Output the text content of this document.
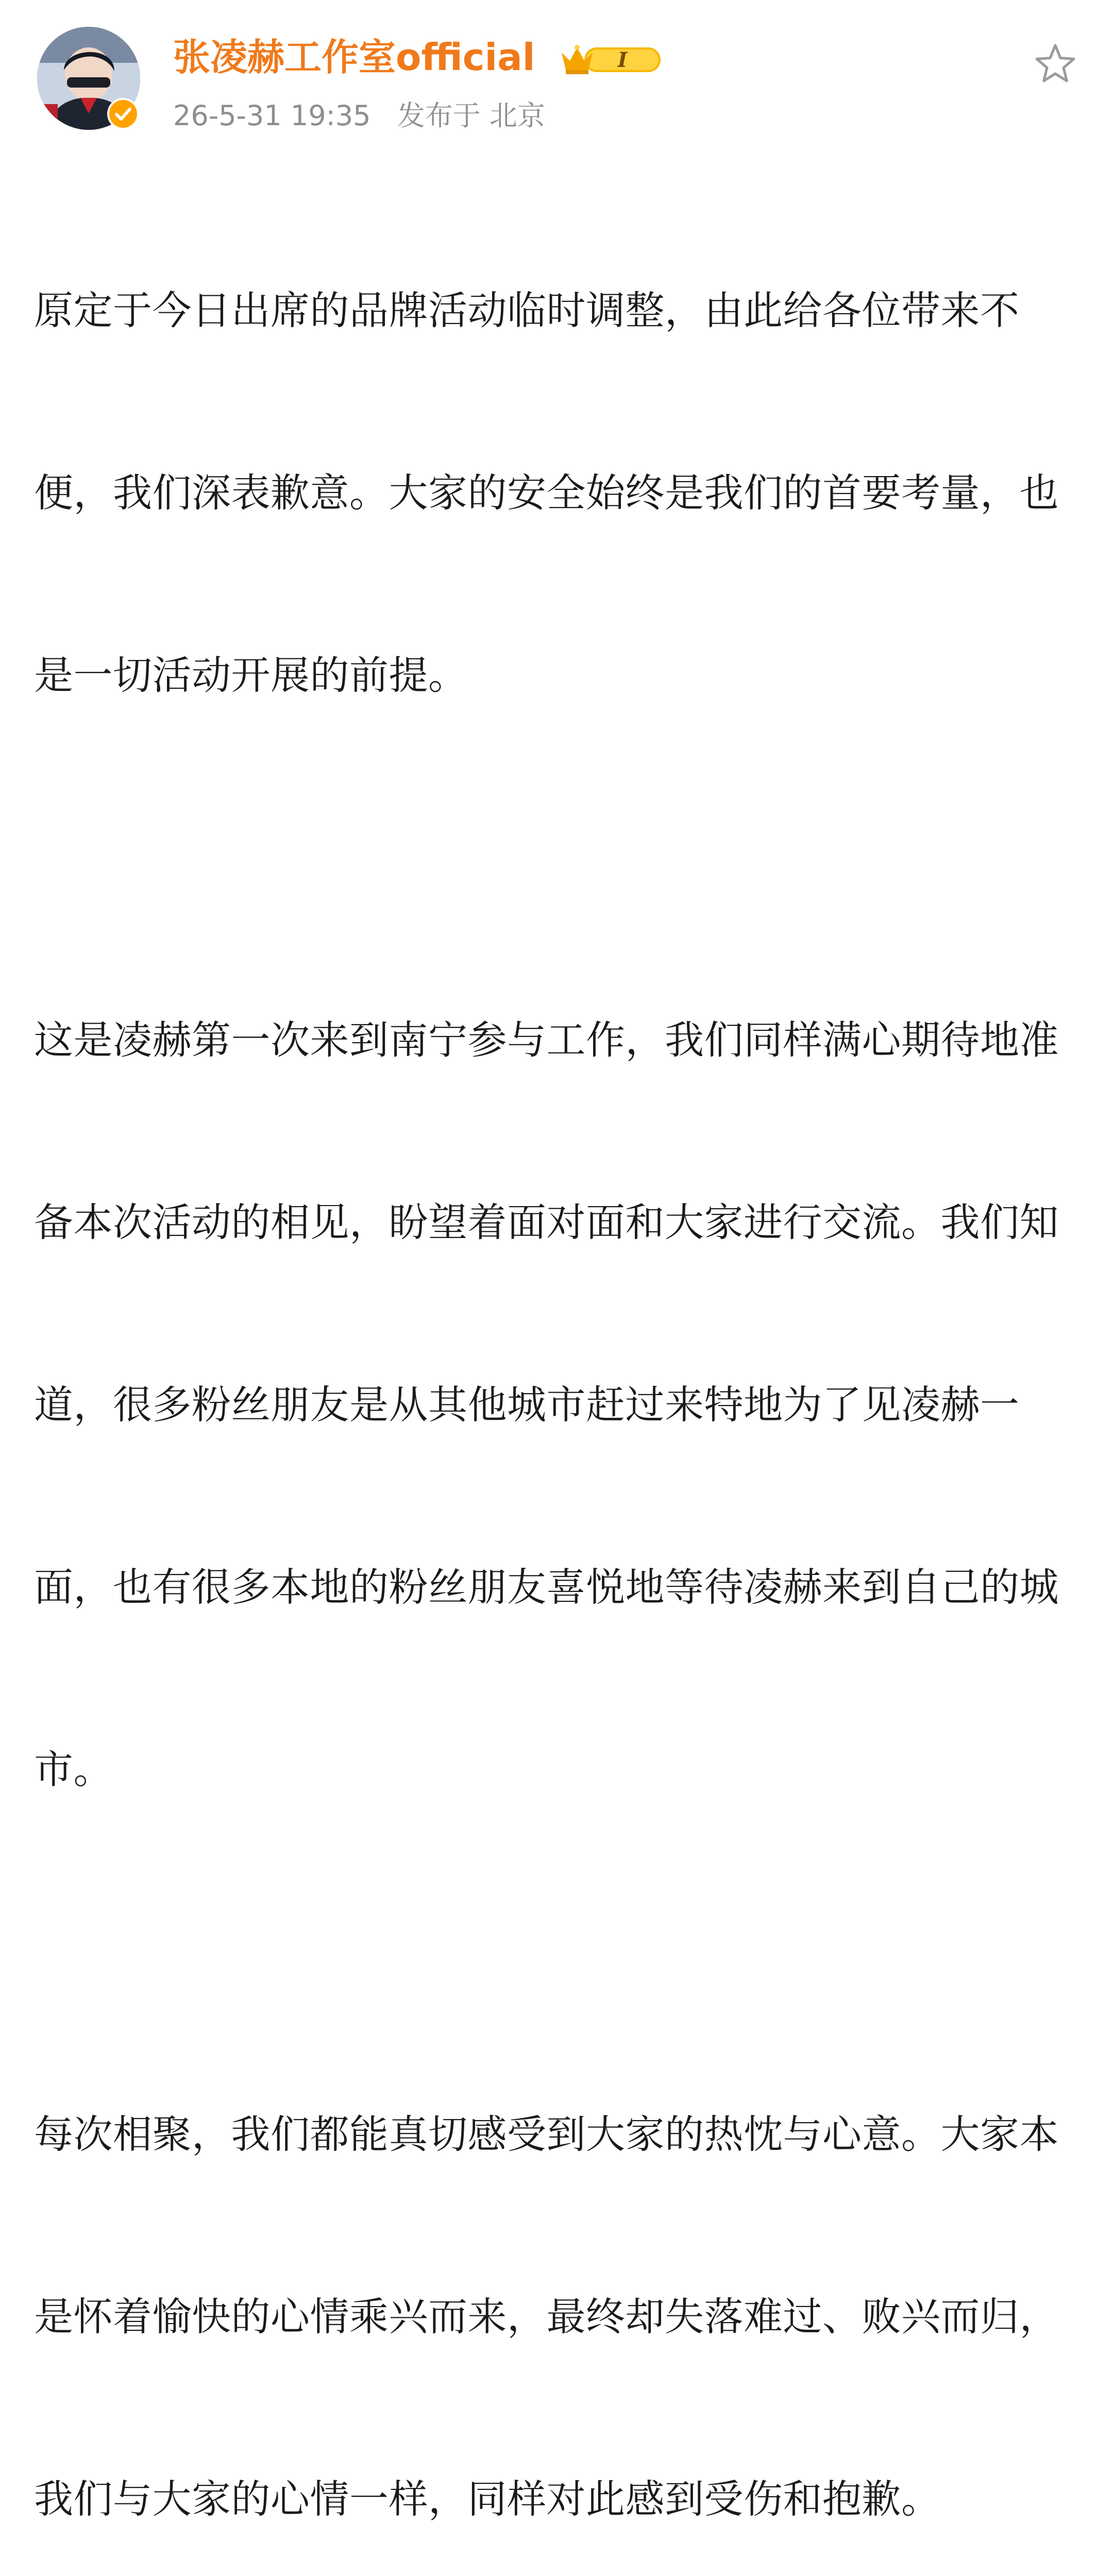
张凌赫工作室official	I
26-5-31 19:35 发布于 北京

原定于今日出席的品牌活动临时调整，由此给各位带来不

便，我们深表歉意。大家的安全始终是我们的首要考量，也

是一切活动开展的前提。

这是凌赫第一次来到南宁参与工作，我们同样满心期待地准

备本次活动的相见，盼望着面对面和大家进行交流。我们知

道，很多粉丝朋友是从其他城市赶过来特地为了见凌赫一

面，也有很多本地的粉丝朋友喜悦地等待凌赫来到自己的城

市。

每次相聚，我们都能真切感受到大家的热忱与心意。大家本

是怀着愉快的心情乘兴而来，最终却失落难过、败兴而归，

我们与大家的心情一样，同样对此感到受伤和抱歉。
